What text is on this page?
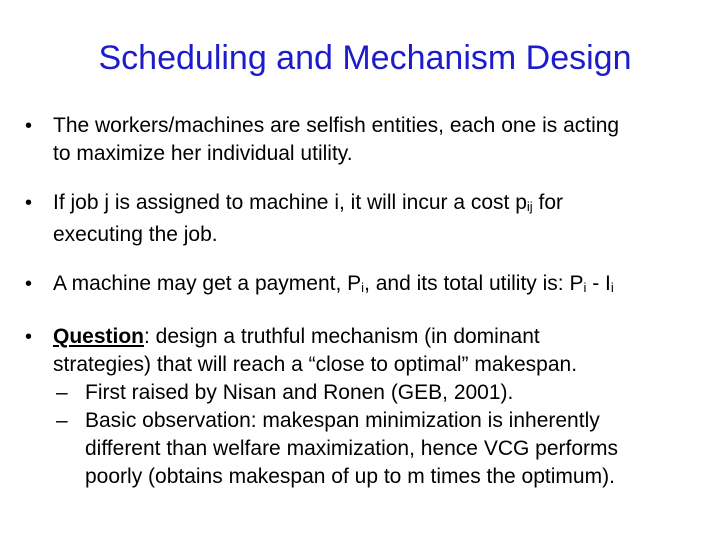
Scheduling and Mechanism Design
• The workers/machines are selfish entities, each one is acting
to maximize her individual utility.
• If job j is assigned to machine i, it will incur a cost pij for
executing the job.
• A machine may get a payment, Pi, and its total utility is: Pi - Ii
• Question: design a truthful mechanism (in dominant
strategies) that will reach a “close to optimal” makespan.
– First raised by Nisan and Ronen (GEB, 2001).
– Basic observation: makespan minimization is inherently
different than welfare maximization, hence VCG performs
poorly (obtains makespan of up to m times the optimum).
